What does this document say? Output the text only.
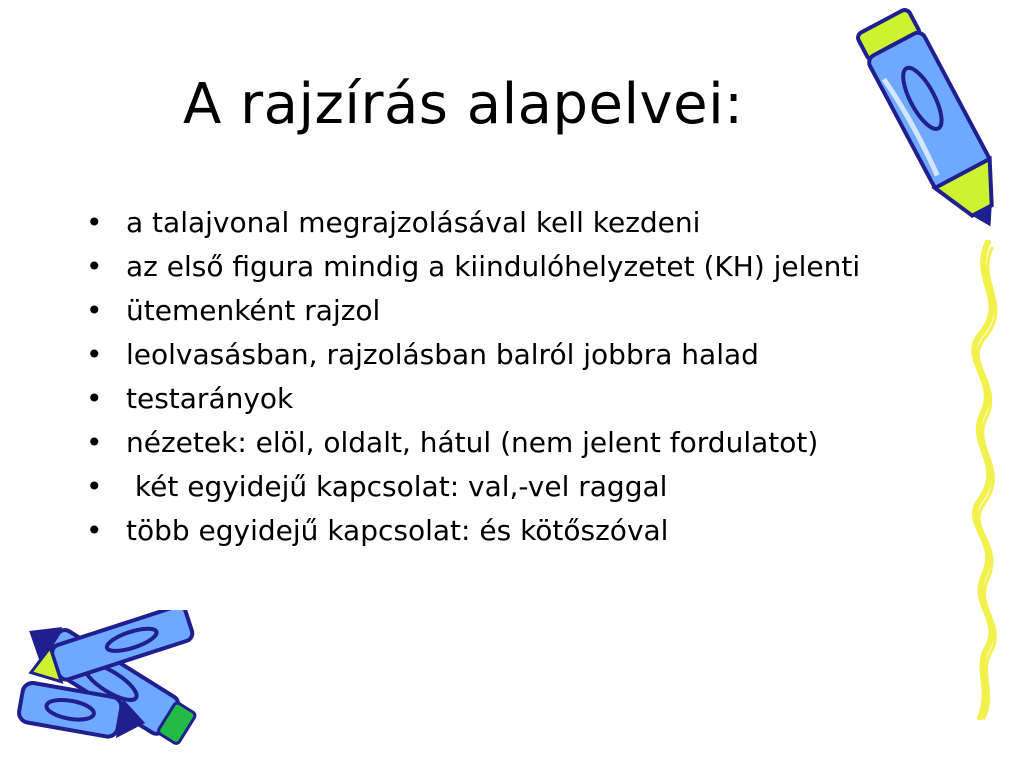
A rajzírás alapelvei:
• a talajvonal megrajzolásával kell kezdeni
• az első figura mindig a kiindulóhelyzetet (KH) jelenti
• ütemenként rajzol
• leolvasásban, rajzolásban balról jobbra halad
• testarányok
• nézetek: elöl, oldalt, hátul (nem jelent fordulatot)
• két egyidejű kapcsolat: val,-vel raggal
• több egyidejű kapcsolat: és kötőszóval
